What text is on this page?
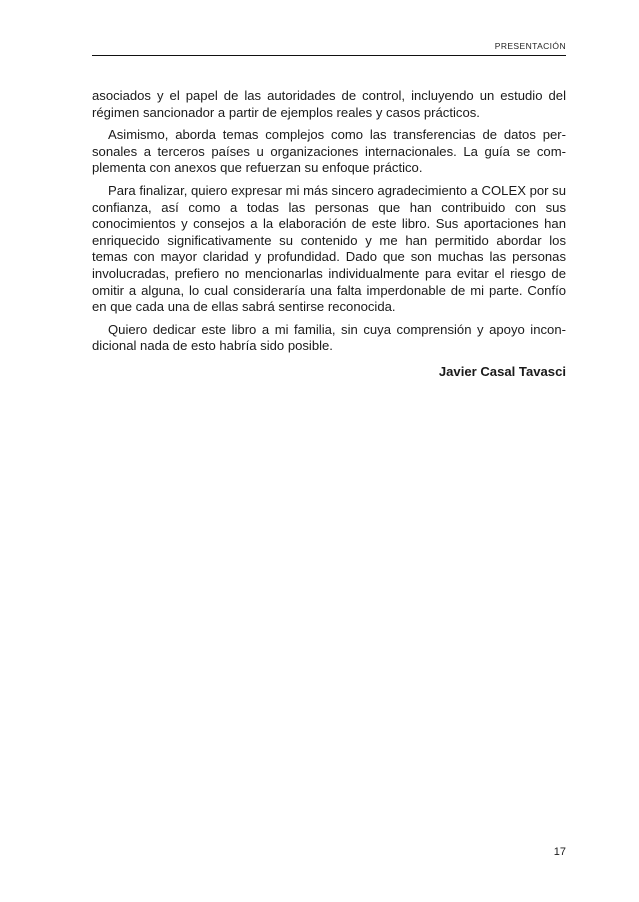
PRESENTACIÓN

asociados y el papel de las autoridades de control, incluyendo un estudio del régimen sancionador a partir de ejemplos reales y casos prácticos.

Asimismo, aborda temas complejos como las transferencias de datos personales a terceros países u organizaciones internacionales. La guía se complementa con anexos que refuerzan su enfoque práctico.

Para finalizar, quiero expresar mi más sincero agradecimiento a COLEX por su confianza, así como a todas las personas que han contribuido con sus conocimientos y consejos a la elaboración de este libro. Sus aportaciones han enriquecido significativamente su contenido y me han permitido abordar los temas con mayor claridad y profundidad. Dado que son muchas las personas involucradas, prefiero no mencionarlas individualmente para evitar el riesgo de omitir a alguna, lo cual consideraría una falta imperdonable de mi parte. Confío en que cada una de ellas sabrá sentirse reconocida.

Quiero dedicar este libro a mi familia, sin cuya comprensión y apoyo incondicional nada de esto habría sido posible.

Javier Casal Tavasci
17
